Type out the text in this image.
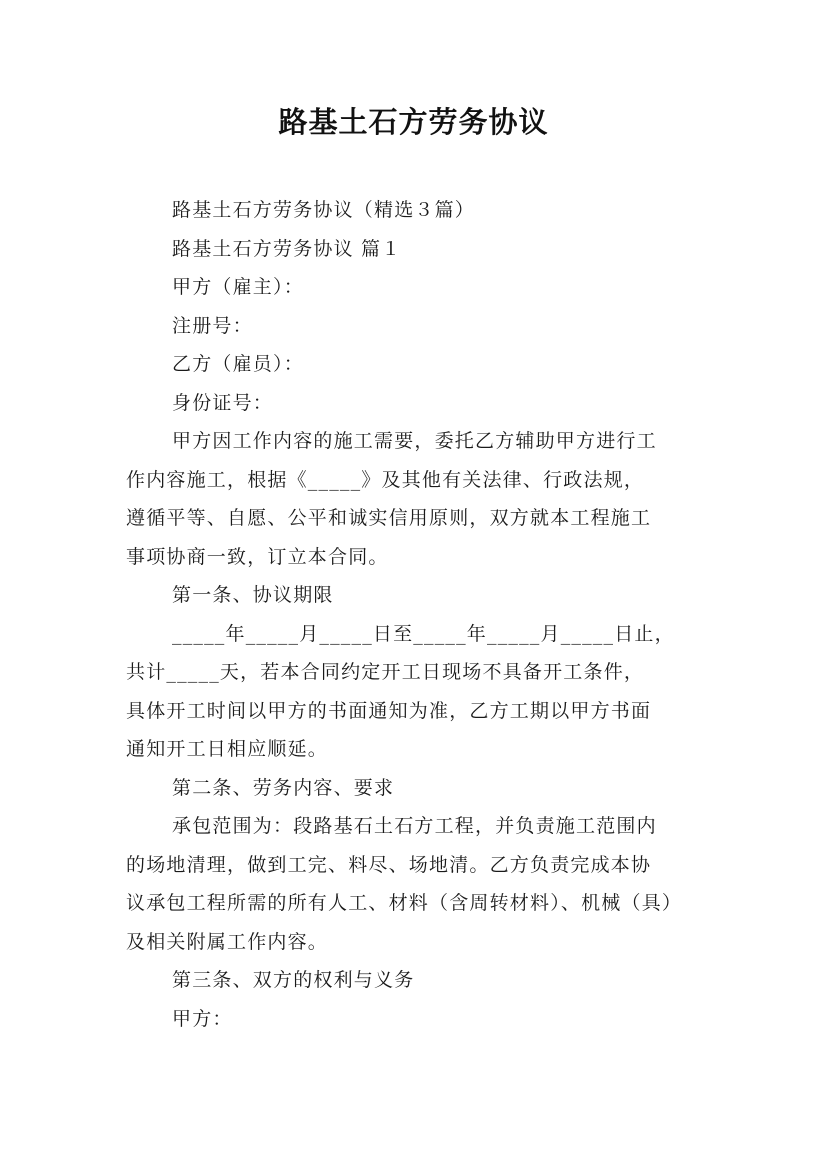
路基土石方劳务协议
路基土石方劳务协议（精选３篇）
路基土石方劳务协议 篇１
甲方（雇主）：
注册号：
乙方（雇员）：
身份证号：
甲方因工作内容的施工需要，委托乙方辅助甲方进行工
作内容施工，根据《_____》及其他有关法律、行政法规，
遵循平等、自愿、公平和诚实信用原则，双方就本工程施工
事项协商一致，订立本合同。
第一条、协议期限
_____年_____月_____日至_____年_____月_____日止，
共计_____天，若本合同约定开工日现场不具备开工条件，
具体开工时间以甲方的书面通知为准，乙方工期以甲方书面
通知开工日相应顺延。
第二条、劳务内容、要求
承包范围为：段路基石土石方工程，并负责施工范围内
的场地清理，做到工完、料尽、场地清。乙方负责完成本协
议承包工程所需的所有人工、材料（含周转材料）、机械（具）
及相关附属工作内容。
第三条、双方的权利与义务
甲方：
